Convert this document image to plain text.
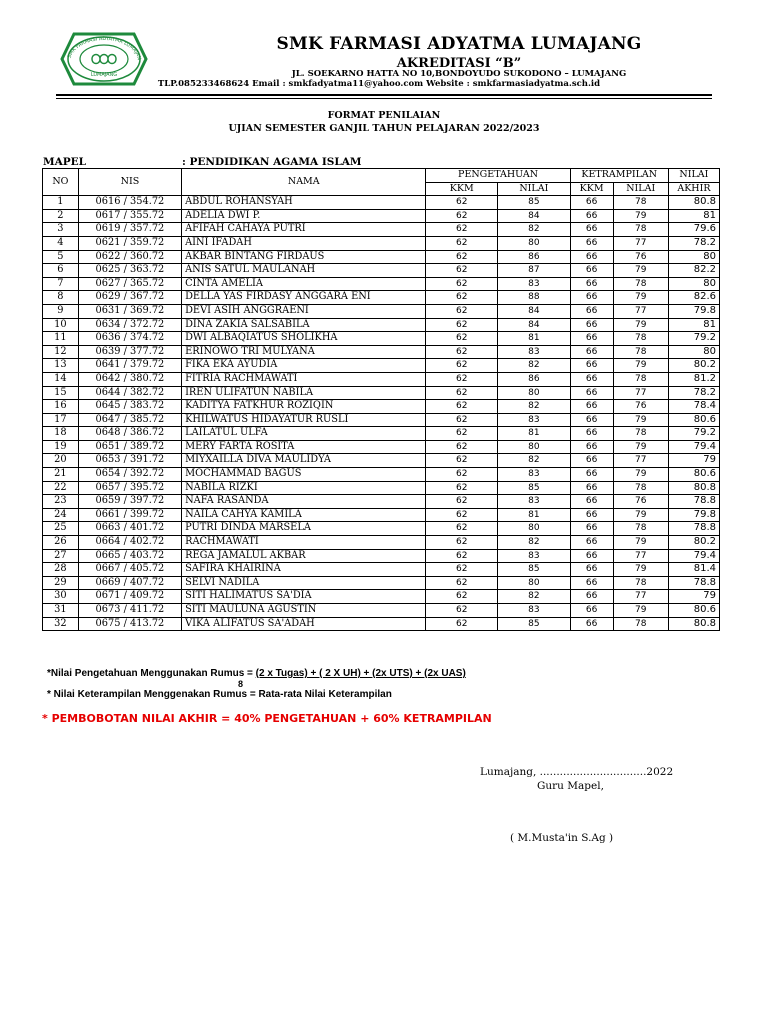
SMK FARMASI ADYATMA LUMAJAN
LUMAJANG
SMK FARMASI ADYATMA LUMAJANG
AKREDITASI “B”
JL. SOEKARNO HATTA NO 10,BONDOYUDO SUKODONO – LUMAJANG
TLP.085233468624 Email : smkfadyatma11@yahoo.com Website : smkfarmasiadyatma.sch.id
FORMAT PENILAIAN
UJIAN SEMESTER GANJIL TAHUN PELAJARAN 2022/2023
MAPEL	: PENDIDIKAN AGAMA ISLAM
NO	NIS	NAMA	PENGETAHUAN		KETRAMPILAN		NILAI
			KKM	NILAI	KKM	NILAI	AKHIR
1	0616 / 354.72	ABDUL ROHANSYAH	62	85	66	78	80.8
2	0617 / 355.72	ADELIA DWI P.	62	84	66	79	81
3	0619 / 357.72	AFIFAH CAHAYA PUTRI	62	82	66	78	79.6
4	0621 / 359.72	AINI IFADAH	62	80	66	77	78.2
5	0622 / 360.72	AKBAR BINTANG FIRDAUS	62	86	66	76	80
6	0625 / 363.72	ANIS SATUL MAULANAH	62	87	66	79	82.2
7	0627 / 365.72	CINTA AMELIA	62	83	66	78	80
8	0629 / 367.72	DELLA YAS FIRDASY ANGGARA ENI	62	88	66	79	82.6
9	0631 / 369.72	DEVI ASIH ANGGRAENI	62	84	66	77	79.8
10	0634 / 372.72	DINA ZAKIA SALSABILA	62	84	66	79	81
11	0636 / 374.72	DWI ALBAQIATUS SHOLIKHA	62	81	66	78	79.2
12	0639 / 377.72	ERINOWO TRI MULYANA	62	83	66	78	80
13	0641 / 379.72	FIKA EKA AYUDIA	62	82	66	79	80.2
14	0642 / 380.72	FITRIA RACHMAWATI	62	86	66	78	81.2
15	0644 / 382.72	IREN ULIFATUN NABILA	62	80	66	77	78.2
16	0645 / 383.72	KADITYA FATKHUR ROZIQIN	62	82	66	76	78.4
17	0647 / 385.72	KHILWATUS HIDAYATUR RUSLI	62	83	66	79	80.6
18	0648 / 386.72	LAILATUL ULFA	62	81	66	78	79.2
19	0651 / 389.72	MERY FARTA ROSITA	62	80	66	79	79.4
20	0653 / 391.72	MIYXAILLA DIVA MAULIDYA	62	82	66	77	79
21	0654 / 392.72	MOCHAMMAD BAGUS	62	83	66	79	80.6
22	0657 / 395.72	NABILA RIZKI	62	85	66	78	80.8
23	0659 / 397.72	NAFA RASANDA	62	83	66	76	78.8
24	0661 / 399.72	NAILA CAHYA KAMILA	62	81	66	79	79.8
25	0663 / 401.72	PUTRI DINDA MARSELA	62	80	66	78	78.8
26	0664 / 402.72	RACHMAWATI	62	82	66	79	80.2
27	0665 / 403.72	REGA JAMALUL AKBAR	62	83	66	77	79.4
28	0667 / 405.72	SAFIRA KHAIRINA	62	85	66	79	81.4
29	0669 / 407.72	SELVI NADILA	62	80	66	78	78.8
30	0671 / 409.72	SITI HALIMATUS SA'DIA	62	82	66	77	79
31	0673 / 411.72	SITI MAULUNA AGUSTIN	62	83	66	79	80.6
32	0675 / 413.72	VIKA ALIFATUS SA'ADAH	62	85	66	78	80.8
*Nilai Pengetahuan Menggunakan Rumus = (2 x Tugas) + ( 2 X UH) + (2x UTS) + (2x UAS)
8
* Nilai Keterampilan Menggenakan Rumus = Rata-rata Nilai Keterampilan
* PEMBOBOTAN NILAI AKHIR = 40% PENGETAHUAN + 60% KETRAMPILAN
Lumajang, ................................2022
Guru Mapel,
( M.Musta'in S.Ag )
